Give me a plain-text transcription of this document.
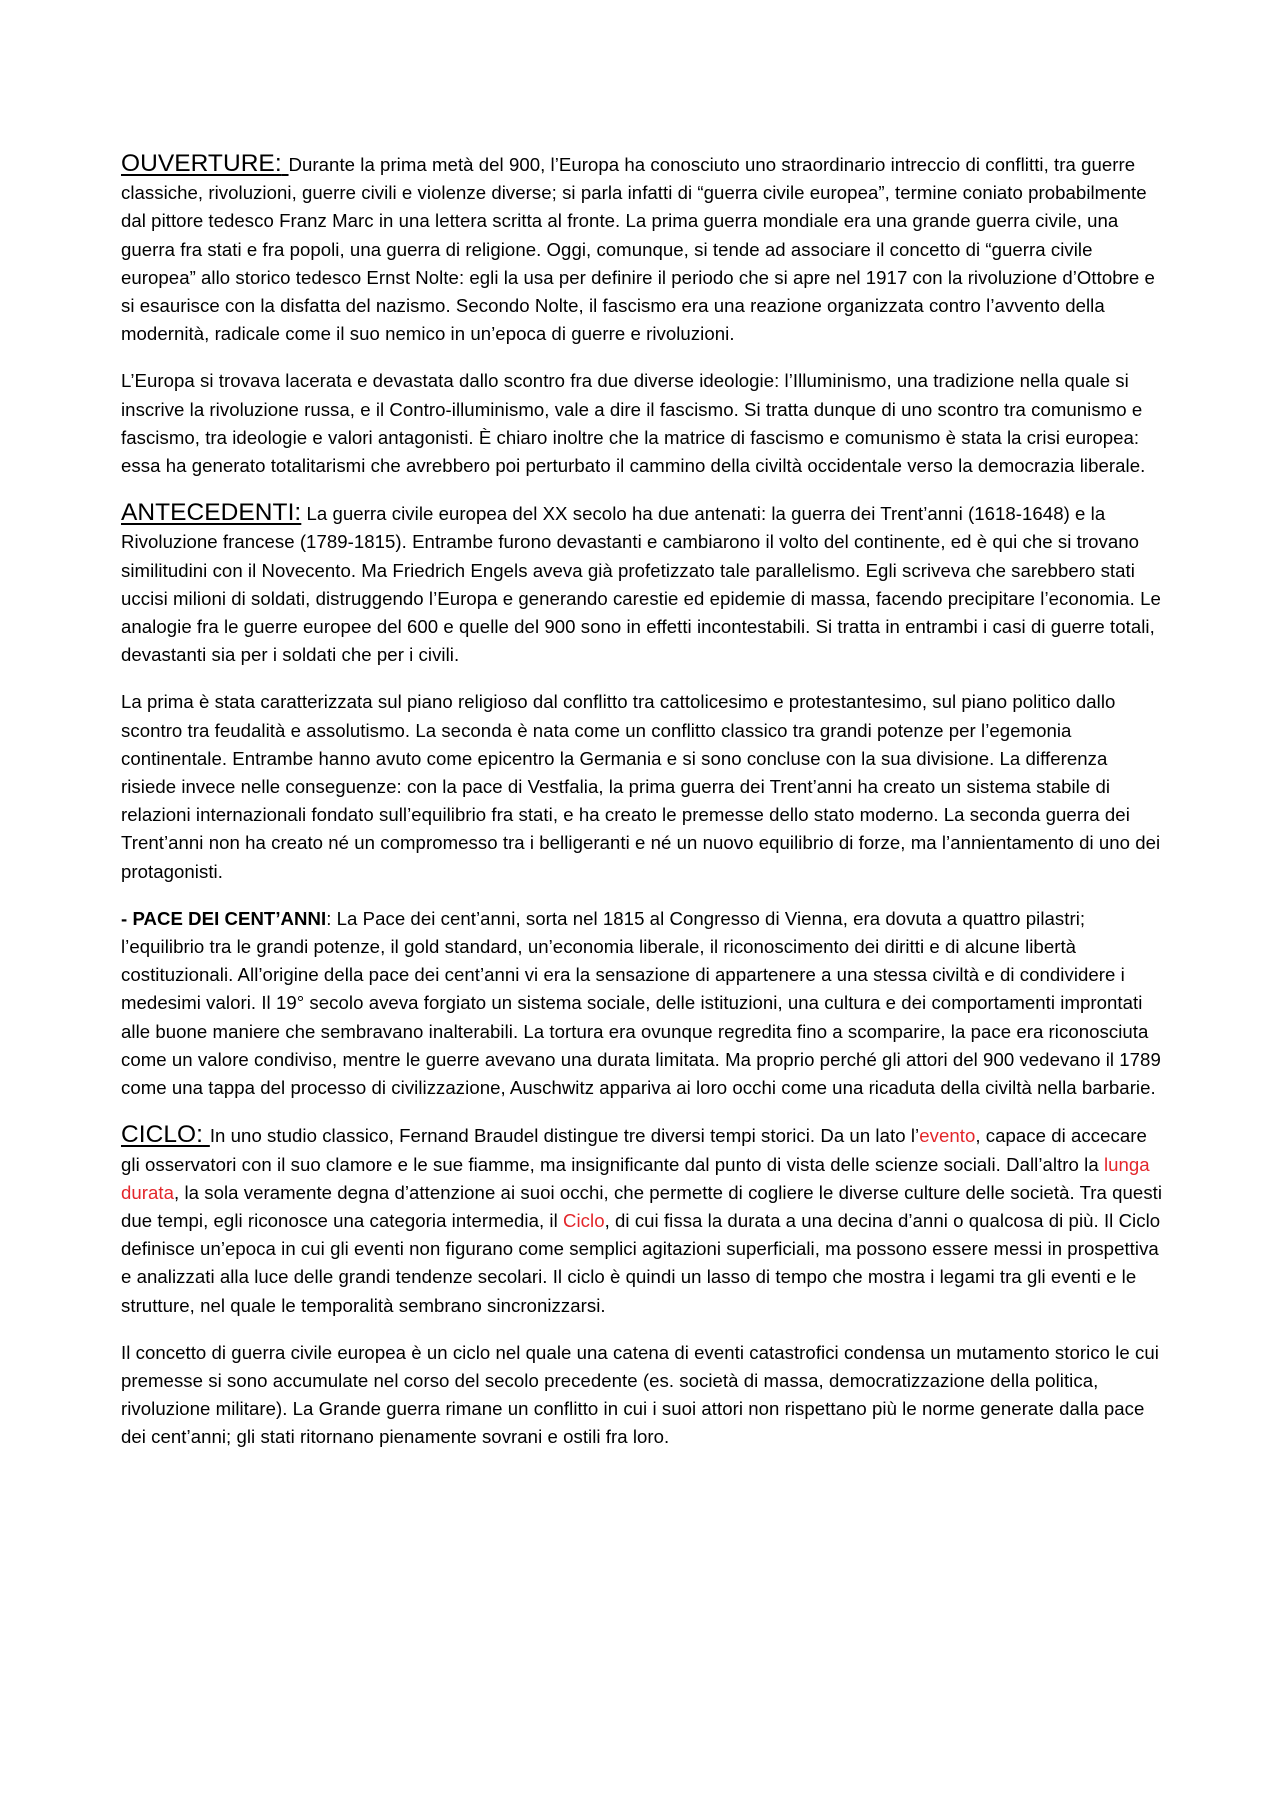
OUVERTURE: Durante la prima metà del 900, l’Europa ha conosciuto uno straordinario intreccio di conflitti, tra guerre classiche, rivoluzioni, guerre civili e violenze diverse; si parla infatti di “guerra civile europea”, termine coniato probabilmente dal pittore tedesco Franz Marc in una lettera scritta al fronte. La prima guerra mondiale era una grande guerra civile, una guerra fra stati e fra popoli, una guerra di religione. Oggi, comunque, si tende ad associare il concetto di “guerra civile europea” allo storico tedesco Ernst Nolte: egli la usa per definire il periodo che si apre nel 1917 con la rivoluzione d’Ottobre e si esaurisce con la disfatta del nazismo. Secondo Nolte, il fascismo era una reazione organizzata contro l’avvento della modernità, radicale come il suo nemico in un’epoca di guerre e rivoluzioni.

L’Europa si trovava lacerata e devastata dallo scontro fra due diverse ideologie: l’Illuminismo, una tradizione nella quale si inscrive la rivoluzione russa, e il Contro-illuminismo, vale a dire il fascismo. Si tratta dunque di uno scontro tra comunismo e fascismo, tra ideologie e valori antagonisti. È chiaro inoltre che la matrice di fascismo e comunismo è stata la crisi europea: essa ha generato totalitarismi che avrebbero poi perturbato il cammino della civiltà occidentale verso la democrazia liberale.

ANTECEDENTI: La guerra civile europea del XX secolo ha due antenati: la guerra dei Trent’anni (1618-1648) e la Rivoluzione francese (1789-1815). Entrambe furono devastanti e cambiarono il volto del continente, ed è qui che si trovano similitudini con il Novecento. Ma Friedrich Engels aveva già profetizzato tale parallelismo. Egli scriveva che sarebbero stati uccisi milioni di soldati, distruggendo l’Europa e generando carestie ed epidemie di massa, facendo precipitare l’economia. Le analogie fra le guerre europee del 600 e quelle del 900 sono in effetti incontestabili. Si tratta in entrambi i casi di guerre totali, devastanti sia per i soldati che per i civili.

La prima è stata caratterizzata sul piano religioso dal conflitto tra cattolicesimo e protestantesimo, sul piano politico dallo scontro tra feudalità e assolutismo. La seconda è nata come un conflitto classico tra grandi potenze per l’egemonia continentale. Entrambe hanno avuto come epicentro la Germania e si sono concluse con la sua divisione. La differenza risiede invece nelle conseguenze: con la pace di Vestfalia, la prima guerra dei Trent’anni ha creato un sistema stabile di relazioni internazionali fondato sull’equilibrio fra stati, e ha creato le premesse dello stato moderno. La seconda guerra dei Trent’anni non ha creato né un compromesso tra i belligeranti e né un nuovo equilibrio di forze, ma l’annientamento di uno dei protagonisti.

- PACE DEI CENT’ANNI: La Pace dei cent’anni, sorta nel 1815 al Congresso di Vienna, era dovuta a quattro pilastri; l’equilibrio tra le grandi potenze, il gold standard, un’economia liberale, il riconoscimento dei diritti e di alcune libertà costituzionali. All’origine della pace dei cent’anni vi era la sensazione di appartenere a una stessa civiltà e di condividere i medesimi valori. Il 19° secolo aveva forgiato un sistema sociale, delle istituzioni, una cultura e dei comportamenti improntati alle buone maniere che sembravano inalterabili. La tortura era ovunque regredita fino a scomparire, la pace era riconosciuta come un valore condiviso, mentre le guerre avevano una durata limitata. Ma proprio perché gli attori del 900 vedevano il 1789 come una tappa del processo di civilizzazione, Auschwitz appariva ai loro occhi come una ricaduta della civiltà nella barbarie.

CICLO: In uno studio classico, Fernand Braudel distingue tre diversi tempi storici. Da un lato l’evento, capace di accecare gli osservatori con il suo clamore e le sue fiamme, ma insignificante dal punto di vista delle scienze sociali. Dall’altro la lunga durata, la sola veramente degna d’attenzione ai suoi occhi, che permette di cogliere le diverse culture delle società. Tra questi due tempi, egli riconosce una categoria intermedia, il Ciclo, di cui fissa la durata a una decina d’anni o qualcosa di più. Il Ciclo definisce un’epoca in cui gli eventi non figurano come semplici agitazioni superficiali, ma possono essere messi in prospettiva e analizzati alla luce delle grandi tendenze secolari. Il ciclo è quindi un lasso di tempo che mostra i legami tra gli eventi e le strutture, nel quale le temporalità sembrano sincronizzarsi.

Il concetto di guerra civile europea è un ciclo nel quale una catena di eventi catastrofici condensa un mutamento storico le cui premesse si sono accumulate nel corso del secolo precedente (es. società di massa, democratizzazione della politica, rivoluzione militare). La Grande guerra rimane un conflitto in cui i suoi attori non rispettano più le norme generate dalla pace dei cent’anni; gli stati ritornano pienamente sovrani e ostili fra loro.
